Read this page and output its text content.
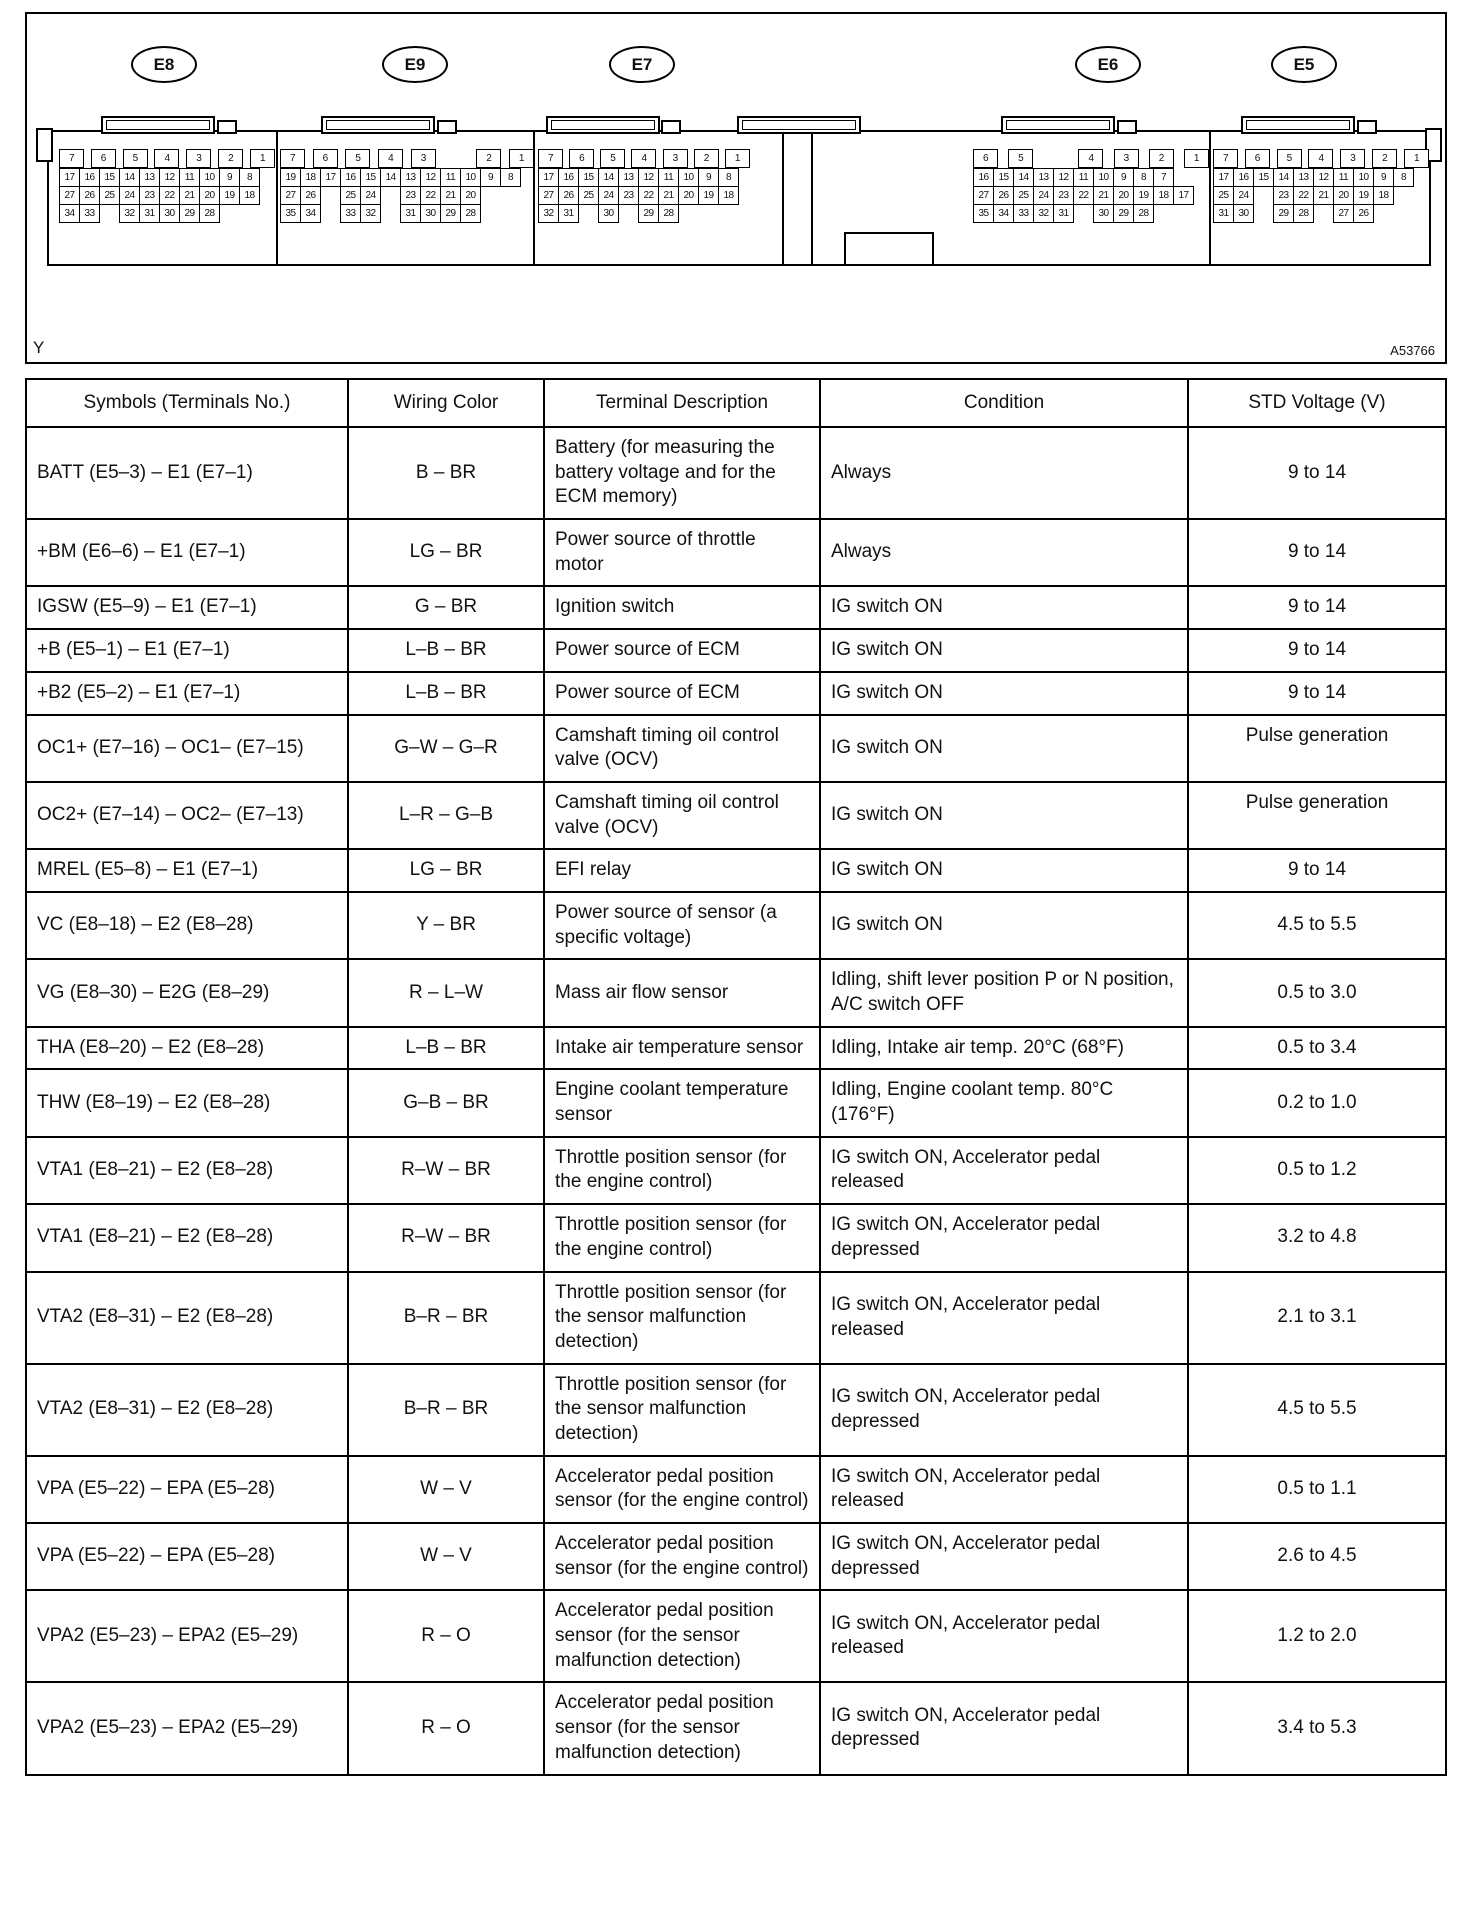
E8	E9	E7	E6	E5
7	6	5	4	3	2	1
17 16 15 14 13 12	11	10	9	8
27 26 25 24 23 22 21 20 19 18
34 33	32 31 30 29 28
7	6	5	4	3	2	1
19 18 17 16 15 14 13 12	11	10	9	8
27 26	25 24	23 22 21 20
35 34	33 32	31 30 29 28
7	6	5	4	3	2	1
17 16 15 14 13 12	11	10	9	8
27 26 25 24 23 22 21 20 19 18
32 31	30	29 28
6	5	4	3	2	1
16 15 14 13 12	11	10	9	8	7
27 26 25 24 23 22 21 20 19 18 17
35 34 33 32 31	30 29 28
7	6	5	4	3	2	1
17 16 15 14 13 12	11	10	9	8
25 24	23 22 21 20 19 18
31 30	29 28	27 26
Y	A53766
Symbols (Terminals No.)	Wiring Color	Terminal Description	Condition	STD Voltage (V)
BATT (E5–3) – E1 (E7–1)	B – BR	Battery (for measuring the battery voltage and for the ECM memory)	Always	9 to 14
+BM (E6–6) – E1 (E7–1)	LG – BR	Power source of throttle motor	Always	9 to 14
IGSW (E5–9) – E1 (E7–1)	G – BR	Ignition switch	IG switch ON	9 to 14
+B (E5–1) – E1 (E7–1)	L–B – BR	Power source of ECM	IG switch ON	9 to 14
+B2 (E5–2) – E1 (E7–1)	L–B – BR	Power source of ECM	IG switch ON	9 to 14
OC1+ (E7–16) – OC1– (E7–15)	G–W – G–R	Camshaft timing oil control valve (OCV)	IG switch ON	Pulse generation
OC2+ (E7–14) – OC2– (E7–13)	L–R – G–B	Camshaft timing oil control valve (OCV)	IG switch ON	Pulse generation
MREL (E5–8) – E1 (E7–1)	LG – BR	EFI relay	IG switch ON	9 to 14
VC (E8–18) – E2 (E8–28)	Y – BR	Power source of sensor (a specific voltage)	IG switch ON	4.5 to 5.5
VG (E8–30) – E2G (E8–29)	R – L–W	Mass air flow sensor	Idling, shift lever position P or N position, A/C switch OFF	0.5 to 3.0
THA (E8–20) – E2 (E8–28)	L–B – BR	Intake air temperature sensor	Idling, Intake air temp. 20°C (68°F)	0.5 to 3.4
THW (E8–19) – E2 (E8–28)	G–B – BR	Engine coolant temperature sensor	Idling, Engine coolant temp. 80°C (176°F)	0.2 to 1.0
VTA1 (E8–21) – E2 (E8–28)	R–W – BR	Throttle position sensor (for the engine control)	IG switch ON, Accelerator pedal released	0.5 to 1.2
VTA1 (E8–21) – E2 (E8–28)	R–W – BR	Throttle position sensor (for the engine control)	IG switch ON, Accelerator pedal depressed	3.2 to 4.8
VTA2 (E8–31) – E2 (E8–28)	B–R – BR	Throttle position sensor (for the sensor malfunction detection)	IG switch ON, Accelerator pedal released	2.1 to 3.1
VTA2 (E8–31) – E2 (E8–28)	B–R – BR	Throttle position sensor (for the sensor malfunction detection)	IG switch ON, Accelerator pedal depressed	4.5 to 5.5
VPA (E5–22) – EPA (E5–28)	W – V	Accelerator pedal position sensor (for the engine control)	IG switch ON, Accelerator pedal released	0.5 to 1.1
VPA (E5–22) – EPA (E5–28)	W – V	Accelerator pedal position sensor (for the engine control)	IG switch ON, Accelerator pedal depressed	2.6 to 4.5
VPA2 (E5–23) – EPA2 (E5–29)	R – O	Accelerator pedal position sensor (for the sensor malfunction detection)	IG switch ON, Accelerator pedal released	1.2 to 2.0
VPA2 (E5–23) – EPA2 (E5–29)	R – O	Accelerator pedal position sensor (for the sensor malfunction detection)	IG switch ON, Accelerator pedal depressed	3.4 to 5.3
